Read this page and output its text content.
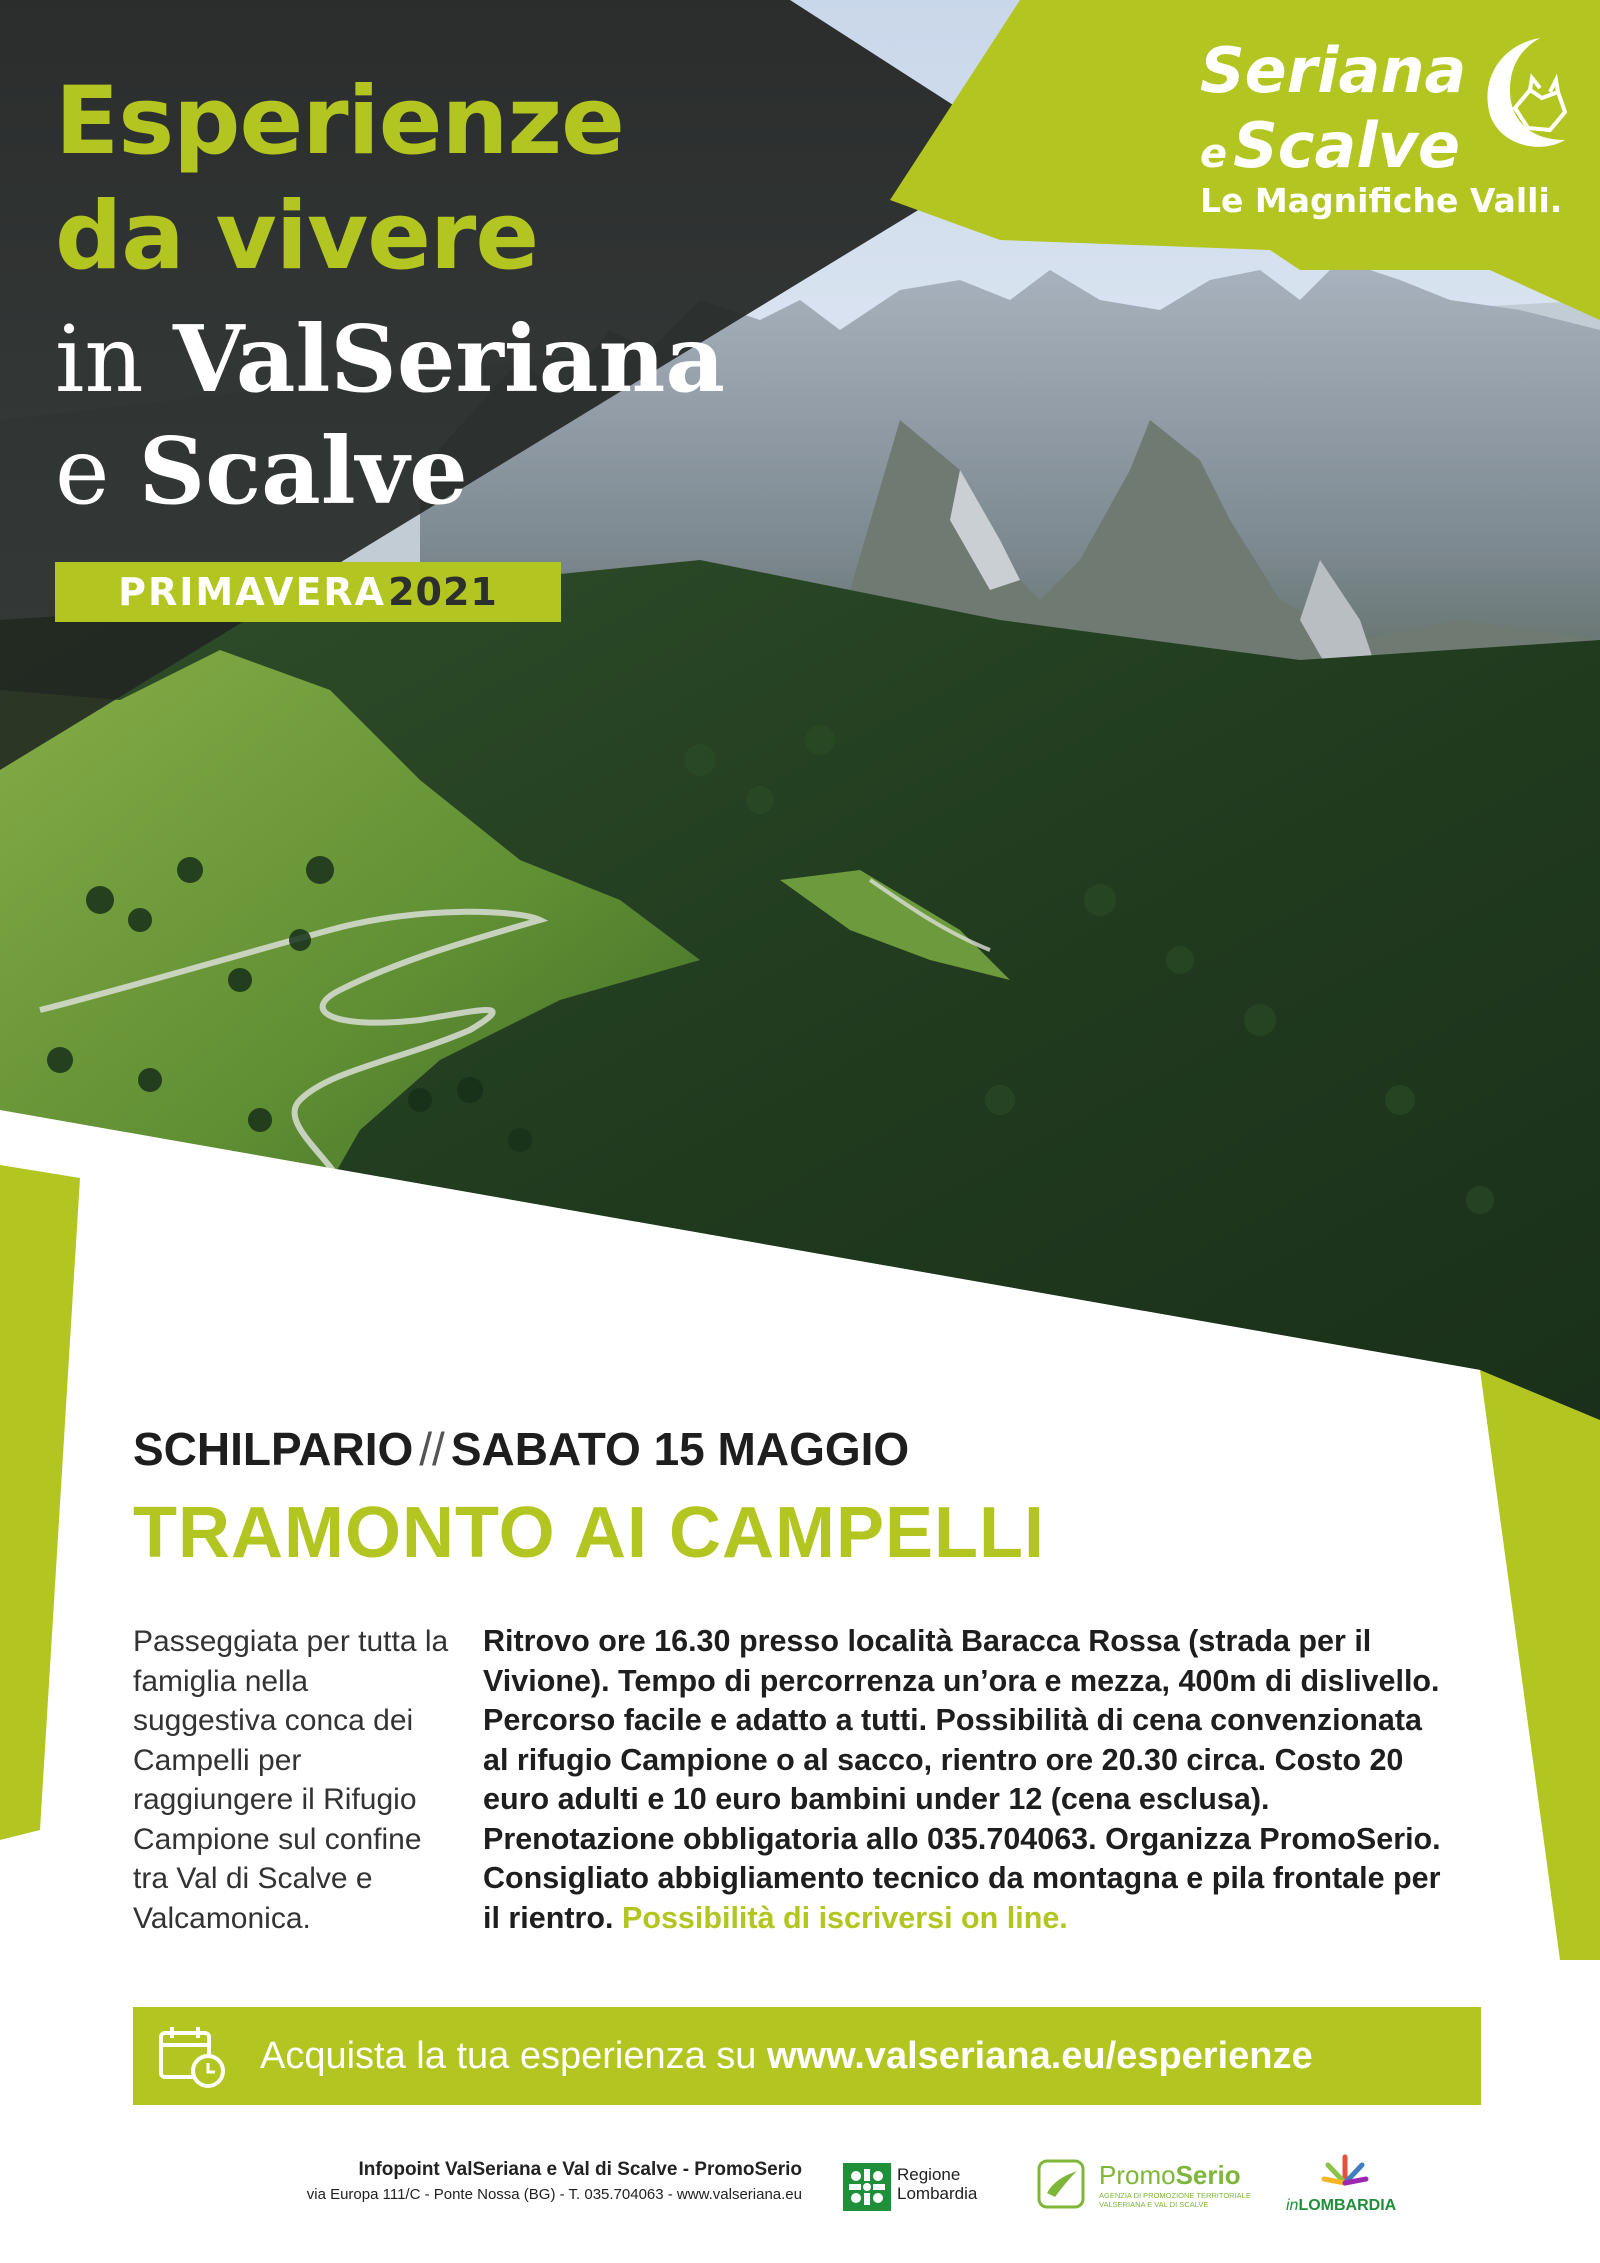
Esperienze
da vivere
in ValSeriana
e Scalve
PRIMAVERA 2021
Seriana
eScalve
Le Magnifiche Valli.
SCHILPARIO // SABATO 15 MAGGIO
TRAMONTO AI CAMPELLI
Passeggiata per tutta la famiglia nella suggestiva conca dei Campelli per raggiungere il Rifugio Campione sul confine tra Val di Scalve e Valcamonica.
Ritrovo ore 16.30 presso località Baracca Rossa (strada per il Vivione). Tempo di percorrenza un’ora e mezza, 400m di dislivello. Percorso facile e adatto a tutti. Possibilità di cena convenzionata al rifugio Campione o al sacco, rientro ore 20.30 circa. Costo 20 euro adulti e 10 euro bambini under 12 (cena esclusa). Prenotazione obbligatoria allo 035.704063. Organizza PromoSerio. Consigliato abbigliamento tecnico da montagna e pila frontale per il rientro. Possibilità di iscriversi on line.
Acquista la tua esperienza su www.valseriana.eu/esperienze
Infopoint ValSeriana e Val di Scalve - PromoSerio
via Europa 111/C - Ponte Nossa (BG) - T. 035.704063 - www.valseriana.eu
Regione
Lombardia
PromoSerio
AGENZIA DI PROMOZIONE TERRITORIALE
VALSERIANA E VAL DI SCALVE	inLOMBARDIA
